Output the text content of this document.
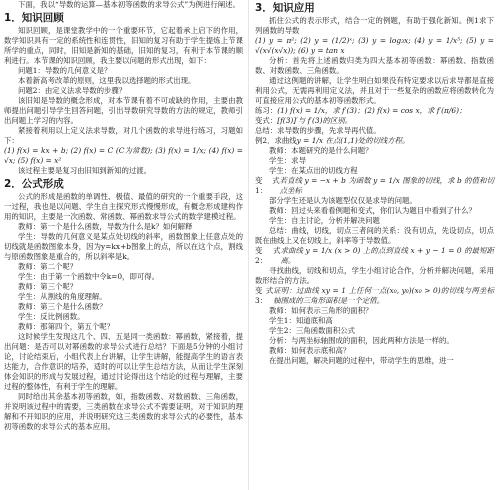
下面，我以“导数的运算—基本初等函数的求导公式”为例进行阐述。

1．知识回顾

知识回顾，是课堂教学中的一个重要环节，它起着承上启下的作用，数学知识具有一定的系统性和连贯性，旧知的复习有助于学生提炼上节课所学的重点，同时，旧知是新知的基础，旧知的复习，有利于本节课的顺利进行。本节课的知识回顾，我主要以问题的形式出现，如下：

问题1：导数的几何意义是？

本着新高考改革的原则，这里我以选择题的形式出现。

问题2：由定义法求导数的步骤？

该旧知是导数的概念形成，对本节课有着不可或缺的作用，主要由教师提出问题引导学生回答问题，引出导数研究导数的方法的规定，教师引出问题上学习的内容。

紧接着利用以上定义法求导数，对几个函数的求导进行练习，习题如下：

(1) f(x) = kx + b; (2) f(x) = C (C为常数); (3) f(x) = 1/x; (4) f(x) = √x; (5) f(x) = x²

该过程主要是复习由旧知到新知的过渡。

2．公式形成

公式的形成是函数的单调性、极值、最值的研究的一个重要手段，这一过程，我也是以问题、学生自主探究形式慢慢形成，有概念形成建构作用的知识，主要是一次函数、常函数、幂函数求导公式的数学建模过程。

教师：第一个是什么函数，导数为什么是k？如何解释

学生：导数的几何意义是某点处切线的斜率，函数图象上任意点处的切线就是函数图象本身，因为y=kx+b图象上的点，所以在这个点，割线与原函数图象是重合的，所以斜率是k。

教师：第二个呢？

学生：由于第一个函数中令k=0，即可得。

教师：第三个呢？

学生：从割线的角度理解。

教师：第三个是什么函数？

学生：反比例函数。

教师：那第四个，第五个呢？

这时候学生发现这几个、四、五是同一类函数：幂函数，紧接着，提出问题：是否可以对幂函数的求导公式进行总结？下面是5分钟的小组讨论，讨论结束后，小组代表上台讲解，让学生讲解，能提高学生的语言表达能力，合作意识的培养，适时的可以让学生总结方法，从而让学生深刻体会知识的形成与发展过程，通过讨论得出这个结论的过程与理解，主要过程的整体性，有利于学生的理解。

同时给出其余基本初等函数，如，指数函数、对数函数、三角函数，并说明该过程中的需要，三类函数在求导公式不需要证明，对于知识的理解和不开知识的应用，并说明研究这三类函数的求导公式的必要性，基本初等函数的求导公式的基本应用。

3．知识应用

抓住公式的表示形式，结合一定的例题，有助于强化新知。例1求下列函数的导数

(1) y = π²; (2) y = (1/2)ˣ; (3) y = log₃x; (4) y = 1/x⁵; (5) y = √(x√(x√x)); (6) y = tan x

分析：首先将上述函数归类为四大基本初等函数：幂函数、指数函数、对数函数、三角函数。

通过这例题的讲解，让学生明白如果没有特定要求以后求导都是直接利用公式，无需再利用定义法，并且对于一些复杂的函数应将函数转化为可直接应用公式的基本初等函数形式。

练习： (1) f(x) = 1/x，求 f′(3)；(2) f(x) = cos x，求 f′(π/6)；

变式： [f(3)]′与 f′(3)的区别。

总结：求导数的步骤，先求导再代值。

例2．求曲线 y = 1/x 在点(1,1)处的切线方程。

教师：本题研究的是什么问题？

学生：求导

学生：在某点出的切线方程

变式1：

若直线 y = −x + b 为函数 y = 1/x 图象的切线，求 b 的值和切点坐标

部分学生还是认为该题型仅仅是求导的问题。

教师：回过头来看看例题和变式，你们认为题目中看到了什么？

学生：自主讨论，分析并解决问题

总结：曲线，切线，切点三者间的关系：没有切点，先设切点，切点既在曲线上又在切线上，斜率等于导数值。

变式2：

求曲线 y = 1/x (x > 0) 上的点到直线 x + y − 1 = 0 的最短距离。

寻找曲线，切线和切点，学生小组讨论合作，分析并解决问题，采用数形结合的方法。

变式3：

证明：过曲线 xy = 1 上任何一点(x₀, y₀)(x₀ > 0)的切线与两坐标轴围成的三角形面积是一个定值。

教师：如何表示三角形的面积？

学生1：知道底和高

学生2：三角函数面积公式

分析：与两坐标轴围成的面积，因此两种方法是一样的。

教师：如何表示底和高？

在提出问题，解决问题的过程中，带动学生的思维，进一
